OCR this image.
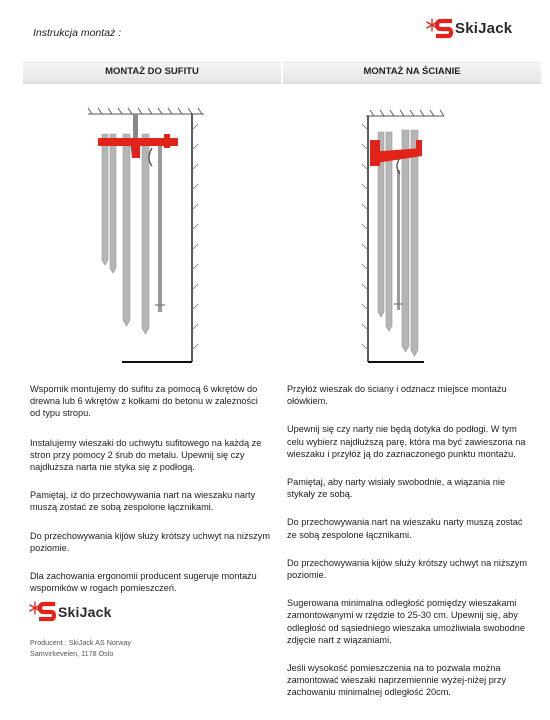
Instrukcja montaż :	SkiJack
MONTAŻ DO SUFITU	MONTAŻ NA ŚCIANIE

Wspornik montujemy do sufitu za pomocą 6 wkrętów do drewna lub 6 wkrętów z kołkami do betonu w zależności od typu stropu.

Instalujemy wieszaki do uchwytu sufitowego na każdą ze stron przy pomocy 2 śrub do metalu. Upewnij się czy najdłuższa narta nie styka się z podłogą.

Pamiętaj, iż do przechowywania nart na wieszaku narty muszą zostać ze sobą zespolone łącznikami.

Do przechowywania kijów służy krótszy uchwyt na niższym poziomie.

Dla zachowania ergonomii producent sugeruje montażu wsporników w rogach pomieszczeń.

Przyłóż wieszak do ściany i odznacz miejsce montażu ołówkiem.

Upewnij się czy narty nie będą dotyka do podłogi. W tym celu wybierz najdłuższą parę, która ma być zawieszona na wieszaku i przyłóż ją do zaznaczonego punktu montażu.

Pamiętaj, aby narty wisiały swobodnie, a wiązania nie stykały ze sobą.

Do przechowywania nart na wieszaku narty muszą zostać ze sobą zespolone łącznikami.

Do przechowywania kijów służy krótszy uchwyt na niższym poziomie.

Sugerowana minimalna odległość pomiędzy wieszakami zamontowanymi w rzędzie to 25-30 cm. Upewnij się, aby odległość od sąsiedniego wieszaka umożliwiała swobodne zdjęcie nart z wiązaniami.

Jeśli wysokość pomieszczenia na to pozwala można zamontować wieszaki naprzemiennie wyżej-niżej przy zachowaniu minimalnej odległość 20cm.

SkiJack
Producent : SkiJack AS Norway
Samvirkeveien, 1178 Oslo
